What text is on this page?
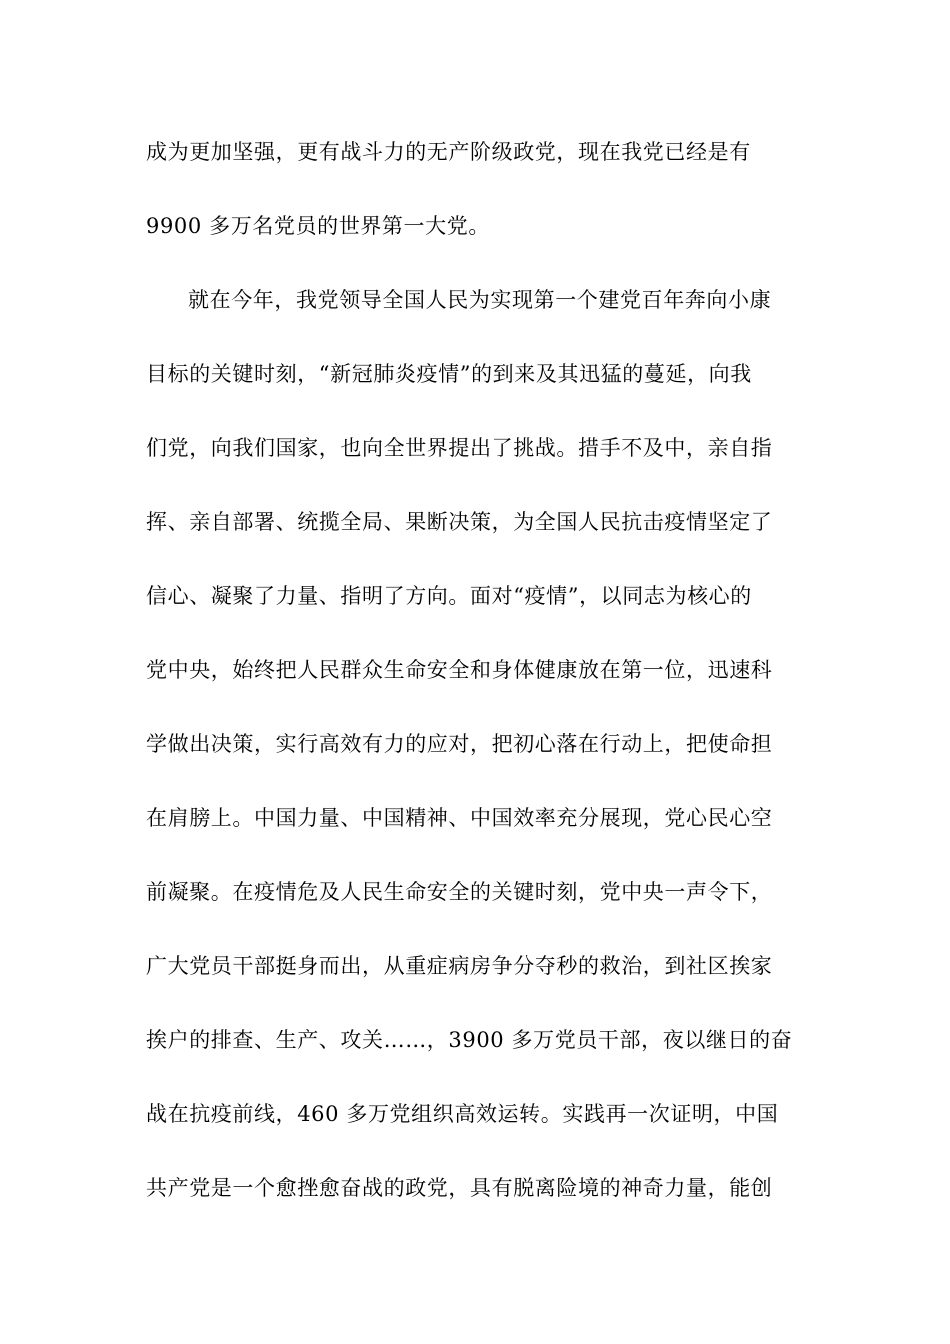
成为更加坚强，更有战斗力的无产阶级政党，现在我党已经是有
9900 多万名党员的世界第一大党。
就在今年，我党领导全国人民为实现第一个建党百年奔向小康
目标的关键时刻，“新冠肺炎疫情”的到来及其迅猛的蔓延，向我
们党，向我们国家，也向全世界提出了挑战。措手不及中，亲自指
挥、亲自部署、统揽全局、果断决策，为全国人民抗击疫情坚定了
信心、凝聚了力量、指明了方向。面对“疫情”，以同志为核心的
党中央，始终把人民群众生命安全和身体健康放在第一位，迅速科
学做出决策，实行高效有力的应对，把初心落在行动上，把使命担
在肩膀上。中国力量、中国精神、中国效率充分展现，党心民心空
前凝聚。在疫情危及人民生命安全的关键时刻，党中央一声令下，
广大党员干部挺身而出，从重症病房争分夺秒的救治，到社区挨家
挨户的排查、生产、攻关……，3900 多万党员干部，夜以继日的奋
战在抗疫前线，460 多万党组织高效运转。实践再一次证明，中国
共产党是一个愈挫愈奋战的政党，具有脱离险境的神奇力量，能创
